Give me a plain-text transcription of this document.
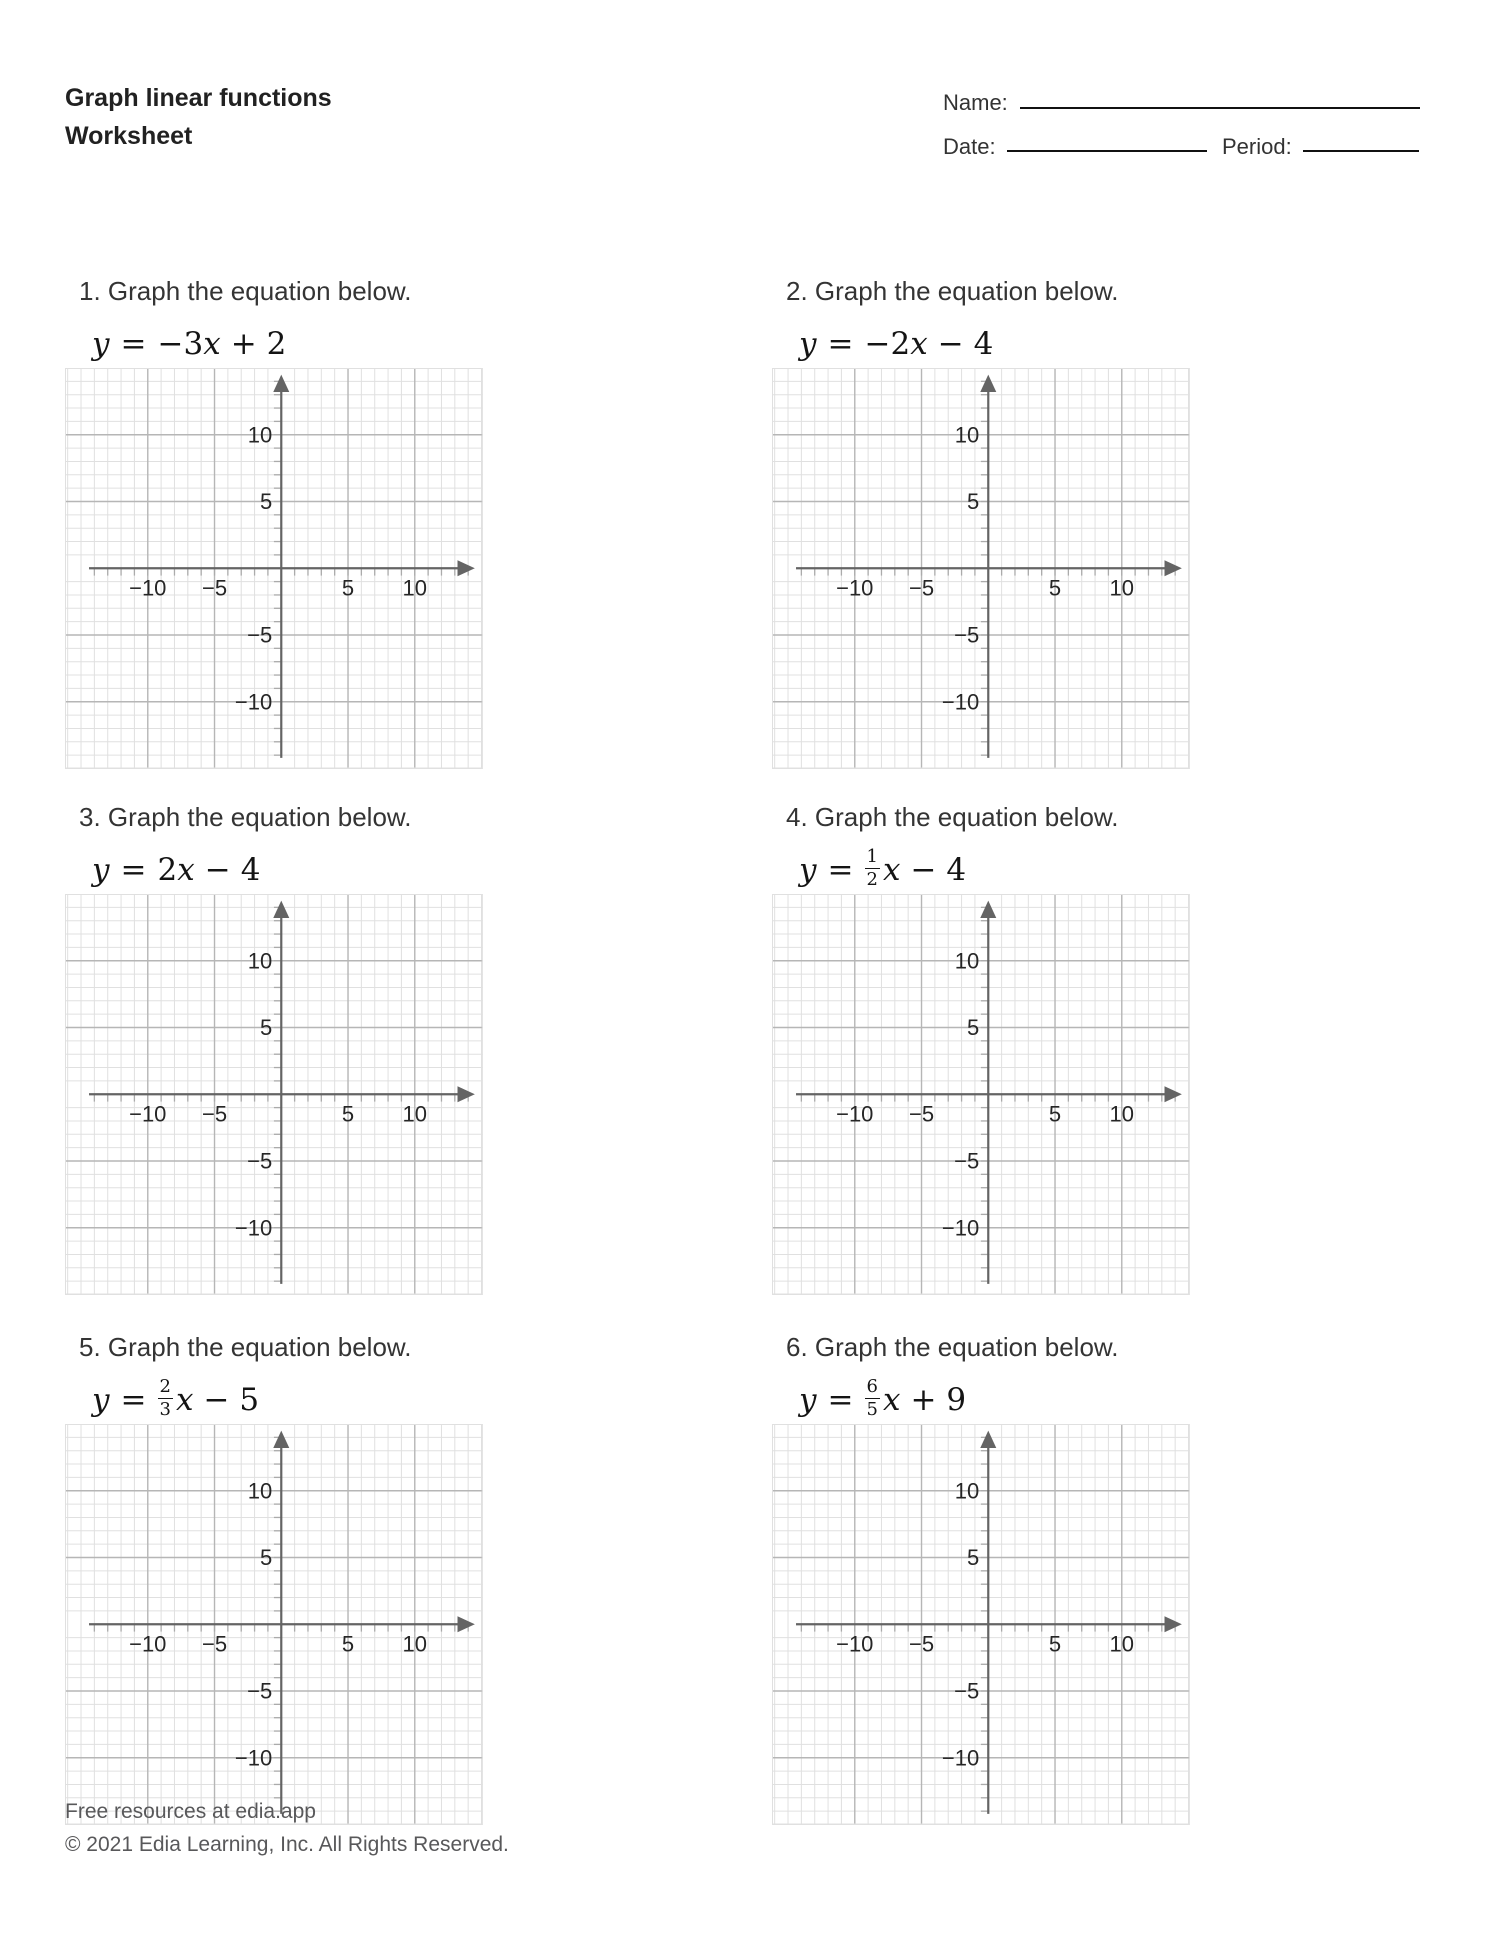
Graph linear functions
Worksheet
Name:
Date:	Period:
1. Graph the equation below.
y = −3 x + 2
−10 −5	5 10
10
5
−5
−10
2. Graph the equation below.
y = −2 x − 4
−10 −5	5 10
10
5
−5
−10
3. Graph the equation below.
y = 2 x − 4
−10 −5	5 10
10
5
−5
−10
4. Graph the equation below.
$y = \frac{1}{2}$ x − 4
−10 −5	5 10
10
5
−5
−10
5. Graph the equation below.
$y = \frac{2}{3}$ x − 5
−10 −5	5 10
10
5
−5
−10
6. Graph the equation below.
$y = \frac{6}{5}$ x + 9
−10 −5	5 10
10
5
−5
−10
Free resources at edia.app
© 2021 Edia Learning, Inc. All Rights Reserved.
